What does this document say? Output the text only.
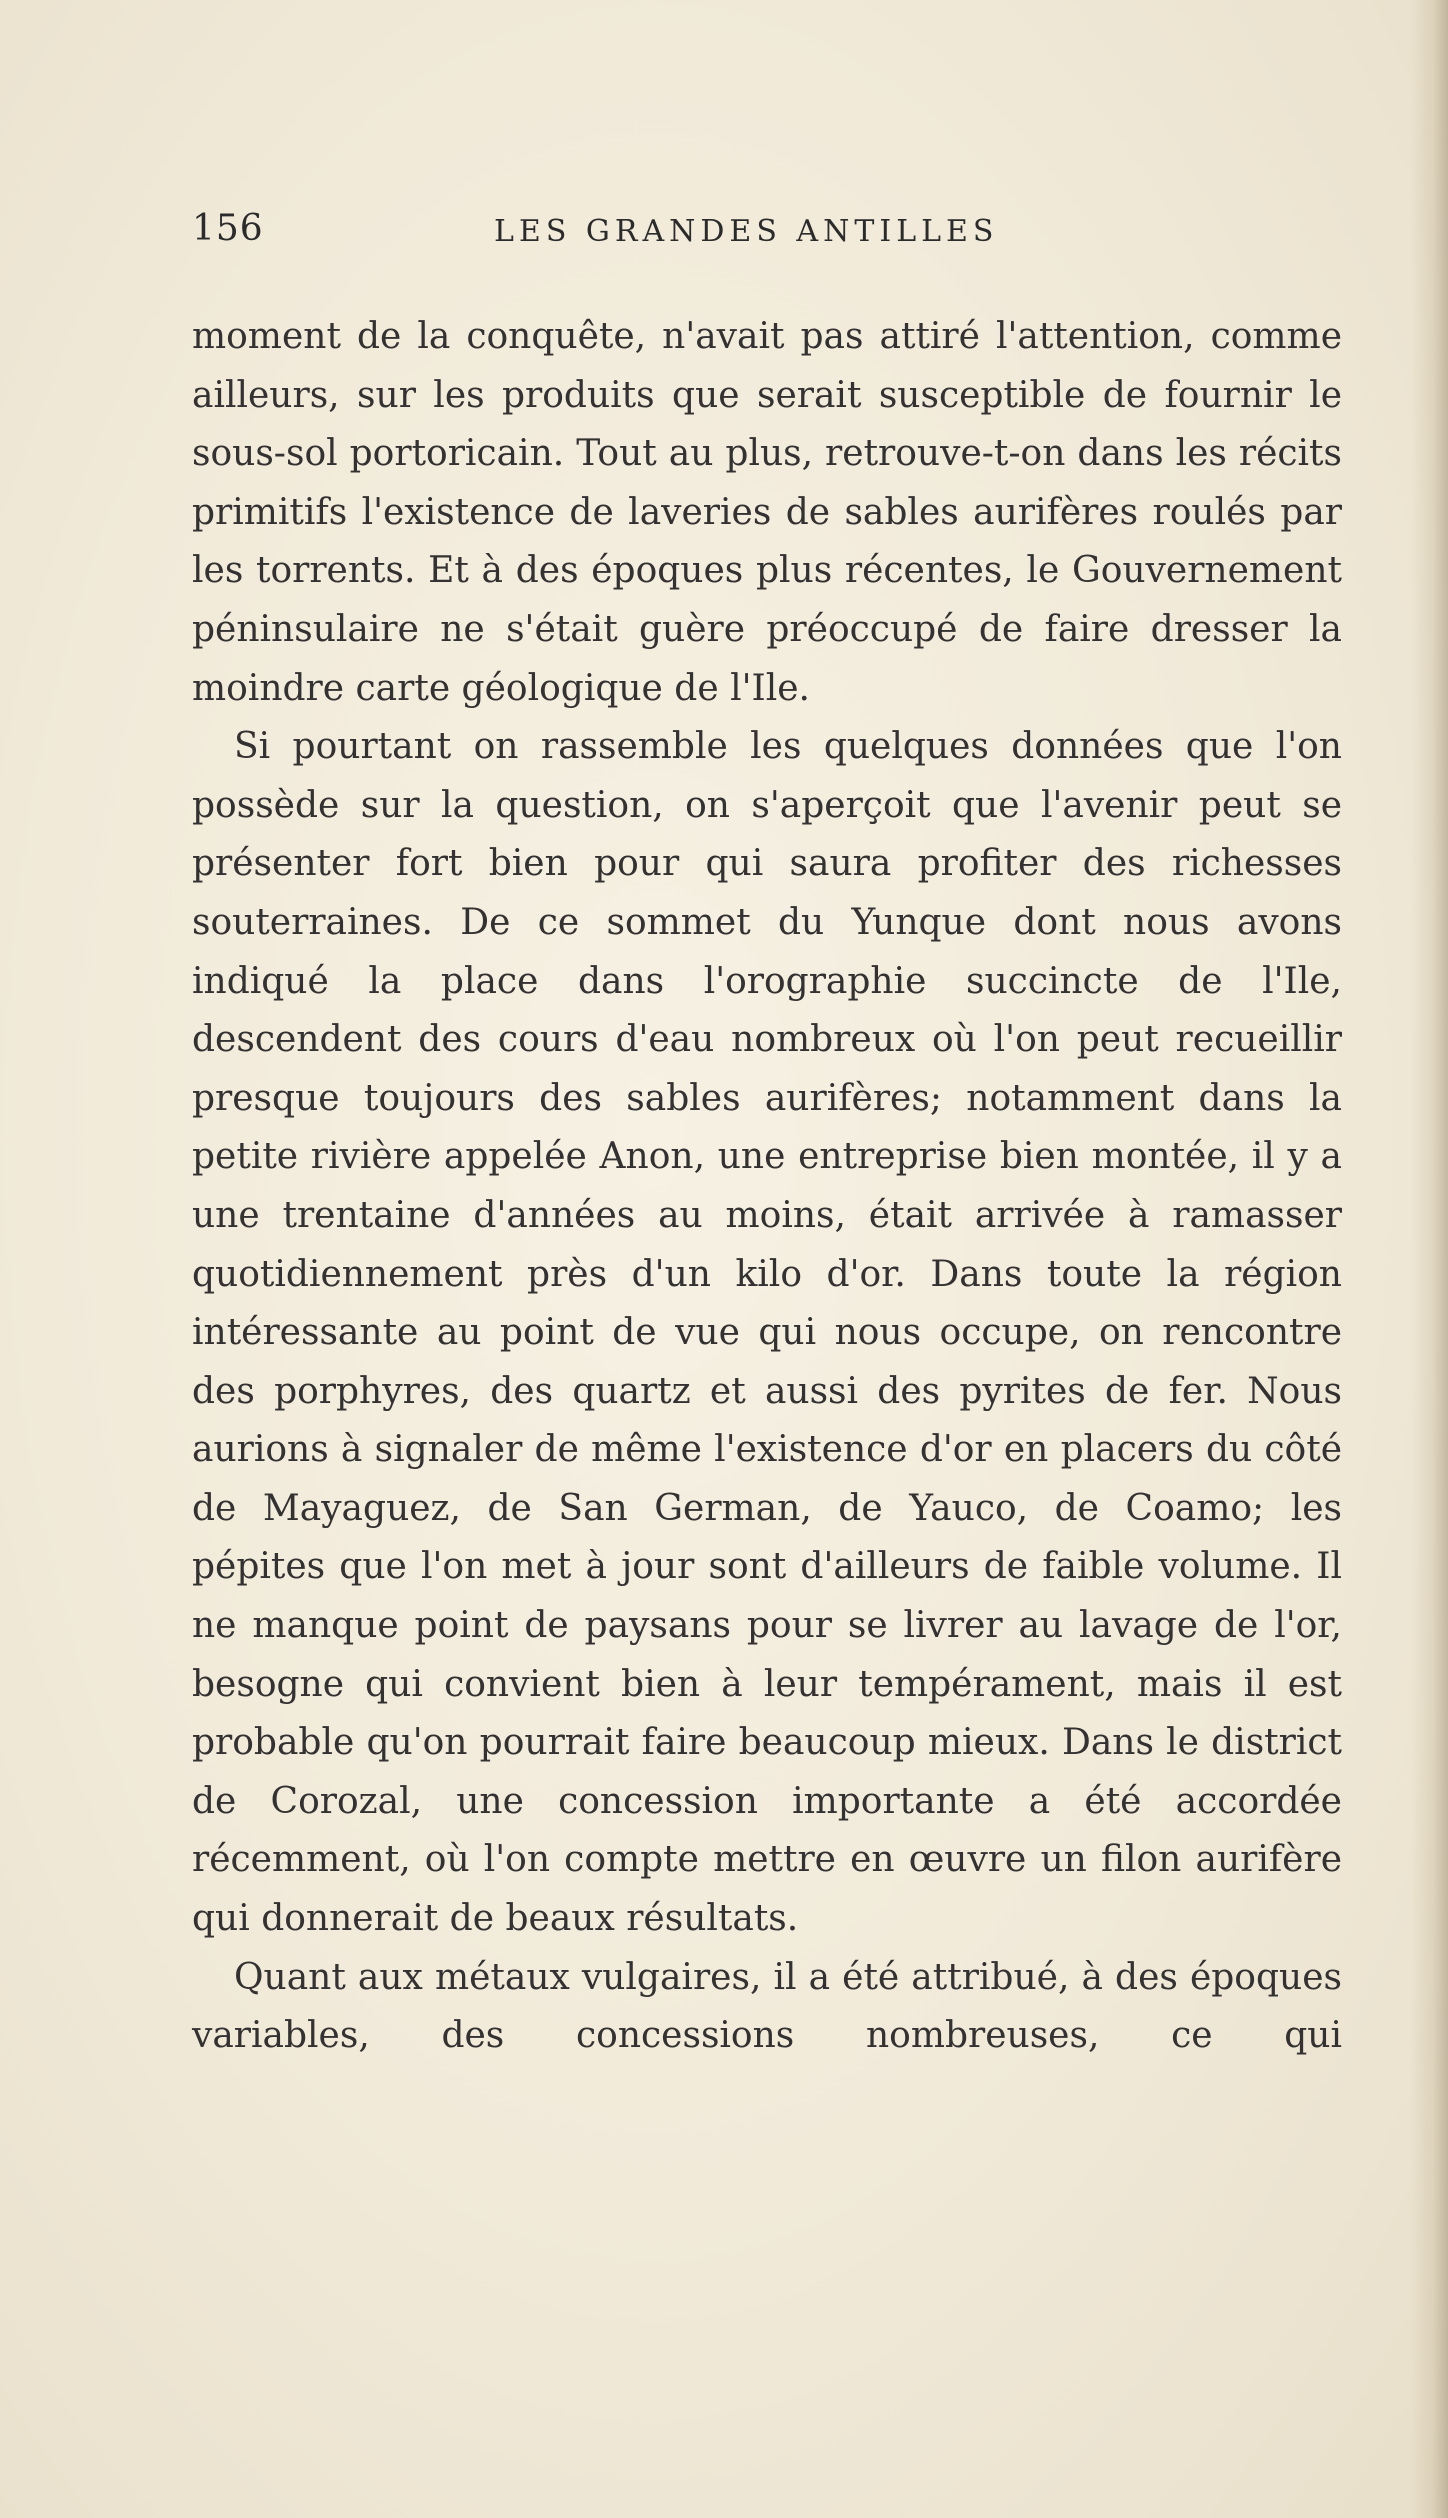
156	LES GRANDES ANTILLES

moment de la conquête, n'avait pas attiré l'attention, comme ailleurs, sur les produits que serait susceptible de fournir le sous-sol portoricain. Tout au plus, retrouve-t-on dans les récits primitifs l'existence de laveries de sables aurifères roulés par les torrents. Et à des époques plus récentes, le Gouvernement péninsulaire ne s'était guère préoccupé de faire dresser la moindre carte géologique de l'Ile.

Si pourtant on rassemble les quelques données que l'on possède sur la question, on s'aperçoit que l'avenir peut se présenter fort bien pour qui saura profiter des richesses souterraines. De ce sommet du Yunque dont nous avons indiqué la place dans l'orographie succincte de l'Ile, descendent des cours d'eau nombreux où l'on peut recueillir presque toujours des sables aurifères; notamment dans la petite rivière appelée Anon, une entreprise bien montée, il y a une trentaine d'années au moins, était arrivée à ramasser quotidiennement près d'un kilo d'or. Dans toute la région intéressante au point de vue qui nous occupe, on rencontre des porphyres, des quartz et aussi des pyrites de fer. Nous aurions à signaler de même l'existence d'or en placers du côté de Mayaguez, de San German, de Yauco, de Coamo; les pépites que l'on met à jour sont d'ailleurs de faible volume. Il ne manque point de paysans pour se livrer au lavage de l'or, besogne qui convient bien à leur tempérament, mais il est probable qu'on pourrait faire beaucoup mieux. Dans le district de Corozal, une concession importante a été accordée récemment, où l'on compte mettre en œuvre un filon aurifère qui donnerait de beaux résultats.

Quant aux métaux vulgaires, il a été attribué, à des époques variables, des concessions nombreuses, ce qui
